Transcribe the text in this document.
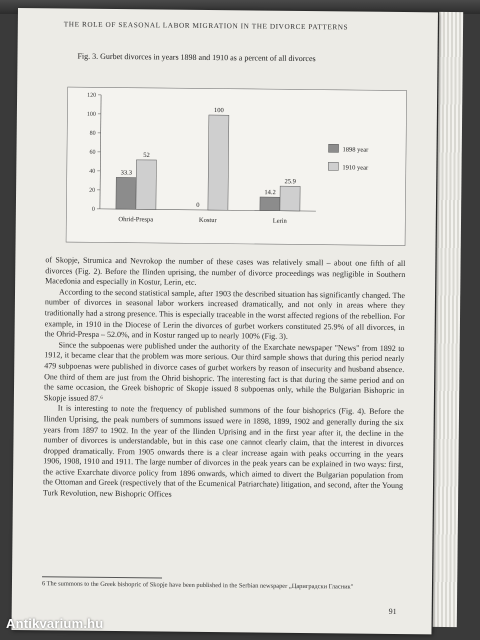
THE ROLE OF SEASONAL LABOR MIGRATION IN THE DIVORCE PATTERNS
Fig. 3. Gurbet divorces in years 1898 and 1910 as a percent of all divorces
0
20
40
60
80
100
120
33.3
52
Ohrid-Prespa
0
100
Kostur
14.2
25.9
Lerin
1898 year
1910 year

of Skopje, Strumica and Nevrokop the number of these cases was relatively small – about one fifth of all divorces (Fig. 2). Before the Ilinden uprising, the number of divorce proceedings was negligible in Southern Macedonia and especially in Kostur, Lerin, etc.

According to the second statistical sample, after 1903 the described situation has significantly changed. The number of divorces in seasonal labor workers increased dramatically, and not only in areas where they traditionally had a strong presence. This is especially traceable in the worst affected regions of the rebellion. For example, in 1910 in the Diocese of Lerin the divorces of gurbet workers constituted 25.9% of all divorces, in the Ohrid-Prespa – 52.0%, and in Kostur ranged up to nearly 100% (Fig. 3).

Since the subpoenas were published under the authority of the Exarchate newspaper "News" from 1892 to 1912, it became clear that the problem was more serious. Our third sample shows that during this period nearly 479 subpoenas were published in divorce cases of gurbet workers by reason of insecurity and husband absence. One third of them are just from the Ohrid bishopric. The interesting fact is that during the same period and on the same occasion, the Greek bishopric of Skopje issued 8 subpoenas only, while the Bulgarian Bishopric in Skopje issued 87.⁶

It is interesting to note the frequency of published summons of the four bishoprics (Fig. 4). Before the Ilinden Uprising, the peak numbers of summons issued were in 1898, 1899, 1902 and generally during the six years from 1897 to 1902. In the year of the Ilinden Uprising and in the first year after it, the decline in the number of divorces is understandable, but in this case one cannot clearly claim, that the interest in divorces dropped dramatically. From 1905 onwards there is a clear increase again with peaks occurring in the years 1906, 1908, 1910 and 1911. The large number of divorces in the peak years can be explained in two ways: first, the active Exarchate divorce policy from 1896 onwards, which aimed to divert the Bulgarian population from the Ottoman and Greek (respectively that of the Ecumenical Patriarchate) litigation, and second, after the Young Turk Revolution, new Bishopric Offices

6 The summons to the Greek bishopric of Skopje have been published in the Serbian newspaper „Цариградски Гласник"
91
Antikvarium.hu
